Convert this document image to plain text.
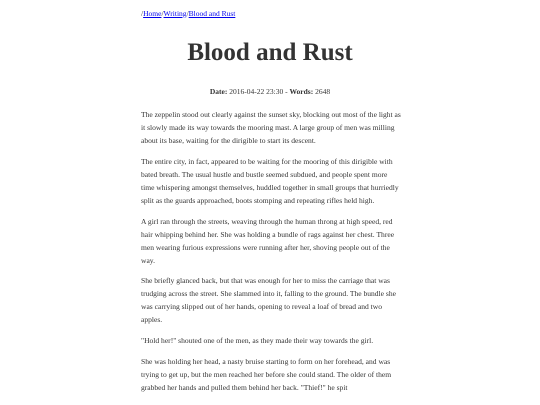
/Home/Writing/Blood and Rust
Blood and Rust
Date: 2016-04-22 23:30 - Words: 2648

The zeppelin stood out clearly against the sunset sky, blocking out most of the light as it slowly made its way towards the mooring mast. A large group of men was milling about its base, waiting for the dirigible to start its descent.

The entire city, in fact, appeared to be waiting for the mooring of this dirigible with bated breath. The usual hustle and bustle seemed subdued, and people spent more time whispering amongst themselves, huddled together in small groups that hurriedly split as the guards approached, boots stomping and repeating rifles held high.

A girl ran through the streets, weaving through the human throng at high speed, red hair whipping behind her. She was holding a bundle of rags against her chest. Three men wearing furious expressions were running after her, shoving people out of the way.

She briefly glanced back, but that was enough for her to miss the carriage that was trudging across the street. She slammed into it, falling to the ground. The bundle she was carrying slipped out of her hands, opening to reveal a loaf of bread and two apples.

"Hold her!" shouted one of the men, as they made their way towards the girl.

She was holding her head, a nasty bruise starting to form on her forehead, and was trying to get up, but the men reached her before she could stand. The older of them grabbed her hands and pulled them behind her back. "Thief!" he spit
